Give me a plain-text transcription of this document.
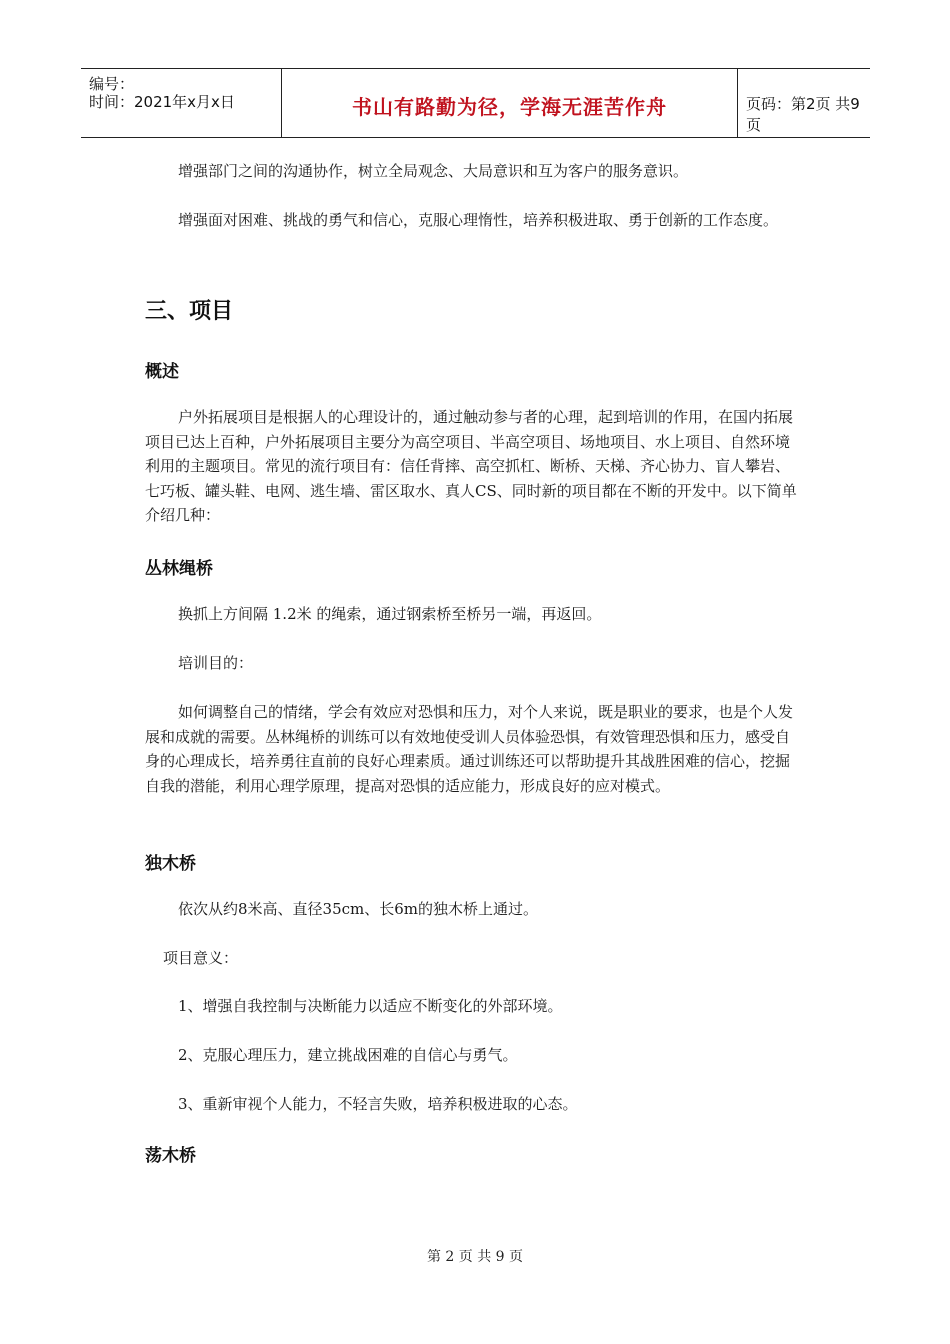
编号：
时间：2021年x月x日	书山有路勤为径，学海无涯苦作舟	页码：第2页 共9页

增强部门之间的沟通协作，树立全局观念、大局意识和互为客户的服务意识。

增强面对困难、挑战的勇气和信心，克服心理惰性，培养积极进取、勇于创新的工作态度。

三、项目
概述

户外拓展项目是根据人的心理设计的，通过触动参与者的心理，起到培训的作用，在国内拓展项目已达上百种，户外拓展项目主要分为高空项目、半高空项目、场地项目、水上项目、自然环境利用的主题项目。常见的流行项目有：信任背摔、高空抓杠、断桥、天梯、齐心协力、盲人攀岩、七巧板、罐头鞋、电网、逃生墙、雷区取水、真人CS、同时新的项目都在不断的开发中。以下简单介绍几种：

丛林绳桥

换抓上方间隔 1.2米 的绳索，通过钢索桥至桥另一端，再返回。

培训目的：

如何调整自己的情绪，学会有效应对恐惧和压力，对个人来说，既是职业的要求，也是个人发展和成就的需要。丛林绳桥的训练可以有效地使受训人员体验恐惧，有效管理恐惧和压力，感受自身的心理成长，培养勇往直前的良好心理素质。通过训练还可以帮助提升其战胜困难的信心，挖掘自我的潜能，利用心理学原理，提高对恐惧的适应能力，形成良好的应对模式。

独木桥

依次从约8米高、直径35cm、长6m的独木桥上通过。

项目意义：

1、增强自我控制与决断能力以适应不断变化的外部环境。

2、克服心理压力，建立挑战困难的自信心与勇气。

3、重新审视个人能力，不轻言失败，培养积极进取的心态。

荡木桥
第 2 页 共 9 页
